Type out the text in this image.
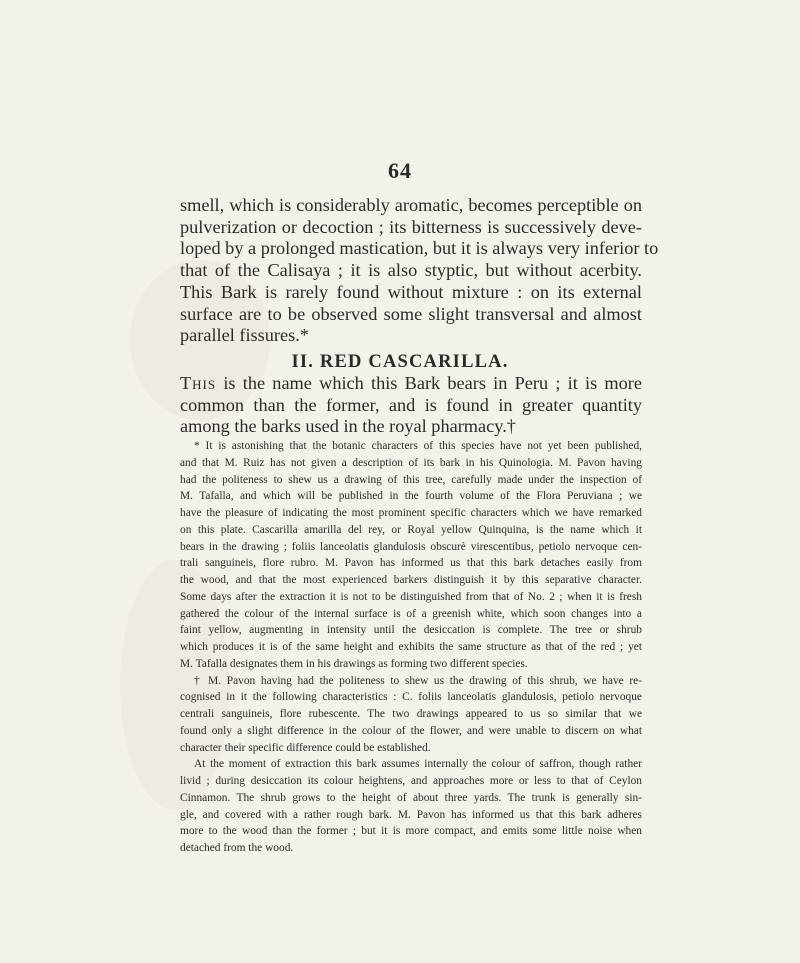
64
smell, which is considerably aromatic, becomes perceptible on
pulverization or decoction ; its bitterness is successively deve-
loped by a prolonged mastication, but it is always very inferior to
that of the Calisaya ; it is also styptic, but without acerbity.
This Bark is rarely found without mixture : on its external
surface are to be observed some slight transversal and almost
parallel fissures.*
II. RED CASCARILLA.
This is the name which this Bark bears in Peru ; it is more
common than the former, and is found in greater quantity
among the barks used in the royal pharmacy.†
* It is astonishing that the botanic characters of this species have not yet been published,
and that M. Ruiz has not given a description of its bark in his Quinologia. M. Pavon having
had the politeness to shew us a drawing of this tree, carefully made under the inspection of
M. Tafalla, and which will be published in the fourth volume of the Flora Peruviana ; we
have the pleasure of indicating the most prominent specific characters which we have remarked
on this plate. Cascarilla amarilla del rey, or Royal yellow Quinquina, is the name which it
bears in the drawing ; foliis lanceolatis glandulosis obscurè virescentibus, petiolo nervoque cen-
trali sanguineis, flore rubro. M. Pavon has informed us that this bark detaches easily from
the wood, and that the most experienced barkers distinguish it by this separative character.
Some days after the extraction it is not to be distinguished from that of No. 2 ; when it is fresh
gathered the colour of the internal surface is of a greenish white, which soon changes into a
faint yellow, augmenting in intensity until the desiccation is complete. The tree or shrub
which produces it is of the same height and exhibits the same structure as that of the red ; yet
M. Tafalla designates them in his drawings as forming two different species.
† M. Pavon having had the politeness to shew us the drawing of this shrub, we have re-
cognised in it the following characteristics : C. foliis lanceolatis glandulosis, petiolo nervoque
centrali sanguineis, flore rubescente. The two drawings appeared to us so similar that we
found only a slight difference in the colour of the flower, and were unable to discern on what
character their specific difference could be established.
At the moment of extraction this bark assumes internally the colour of saffron, though rather
livid ; during desiccation its colour heightens, and approaches more or less to that of Ceylon
Cinnamon. The shrub grows to the height of about three yards. The trunk is generally sin-
gle, and covered with a rather rough bark. M. Pavon has informed us that this bark adheres
more to the wood than the former ; but it is more compact, and emits some little noise when
detached from the wood.
